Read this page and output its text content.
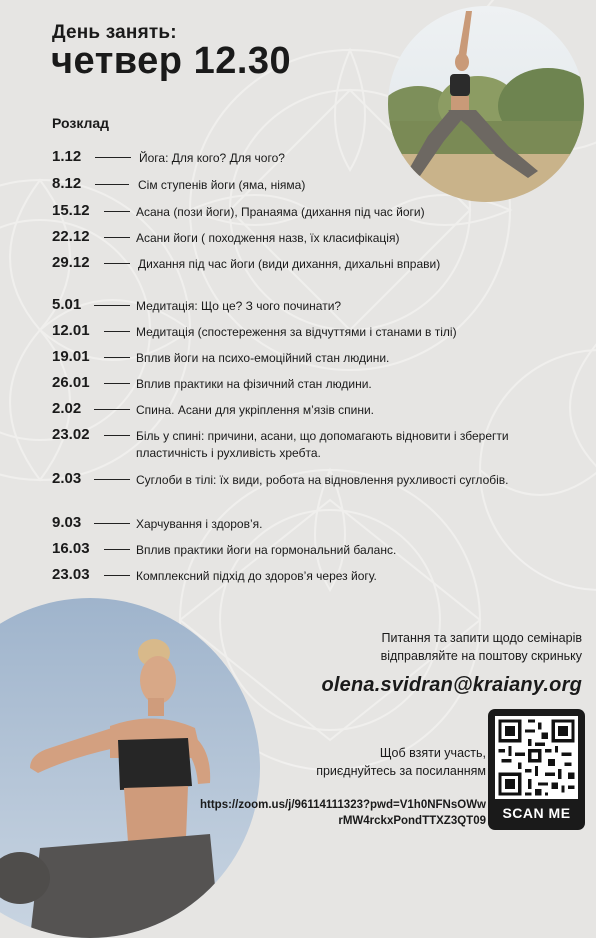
День занять:
четвер 12.30
Розклад
1.12	Йога: Для кого? Для чого?
8.12	Сім ступенів йоги (яма, ніяма)
15.12	Асана (пози йоги), Пранаяма (дихання під час йоги)
22.12	Асани йоги ( походження назв, їх класифікація)
29.12	Дихання під час йоги (види дихання, дихальні вправи)
5.01	Медитація: Що це? З чого починати?
12.01	Медитація (спостереження за відчуттями і станами в тілі)
19.01	Вплив йоги на психо-емоційний стан людини.
26.01	Вплив практики на фізичний стан людини.
2.02	Спина. Асани для укріплення м’язів спини.
23.02	Біль у спині: причини, асани, що допомагають відновити і зберегти пластичність і рухливість хребта.
2.03	Суглоби в тілі: їх види, робота на відновлення рухливості суглобів.
9.03	Харчування і здоров’я.
16.03	Вплив практики йоги на гормональний баланс.
23.03	Комплексний підхід до здоров’я через йогу.
Питання та запити щодо семінарів
відправляйте на поштову скриньку
olena.svidran@kraiany.org
Щоб взяти участь,
приєднуйтесь за посиланням
https://zoom.us/j/96114111323?pwd=V1h0NFNsOWwrMW4rckxPondTTXZ3QT09	SCAN ME
